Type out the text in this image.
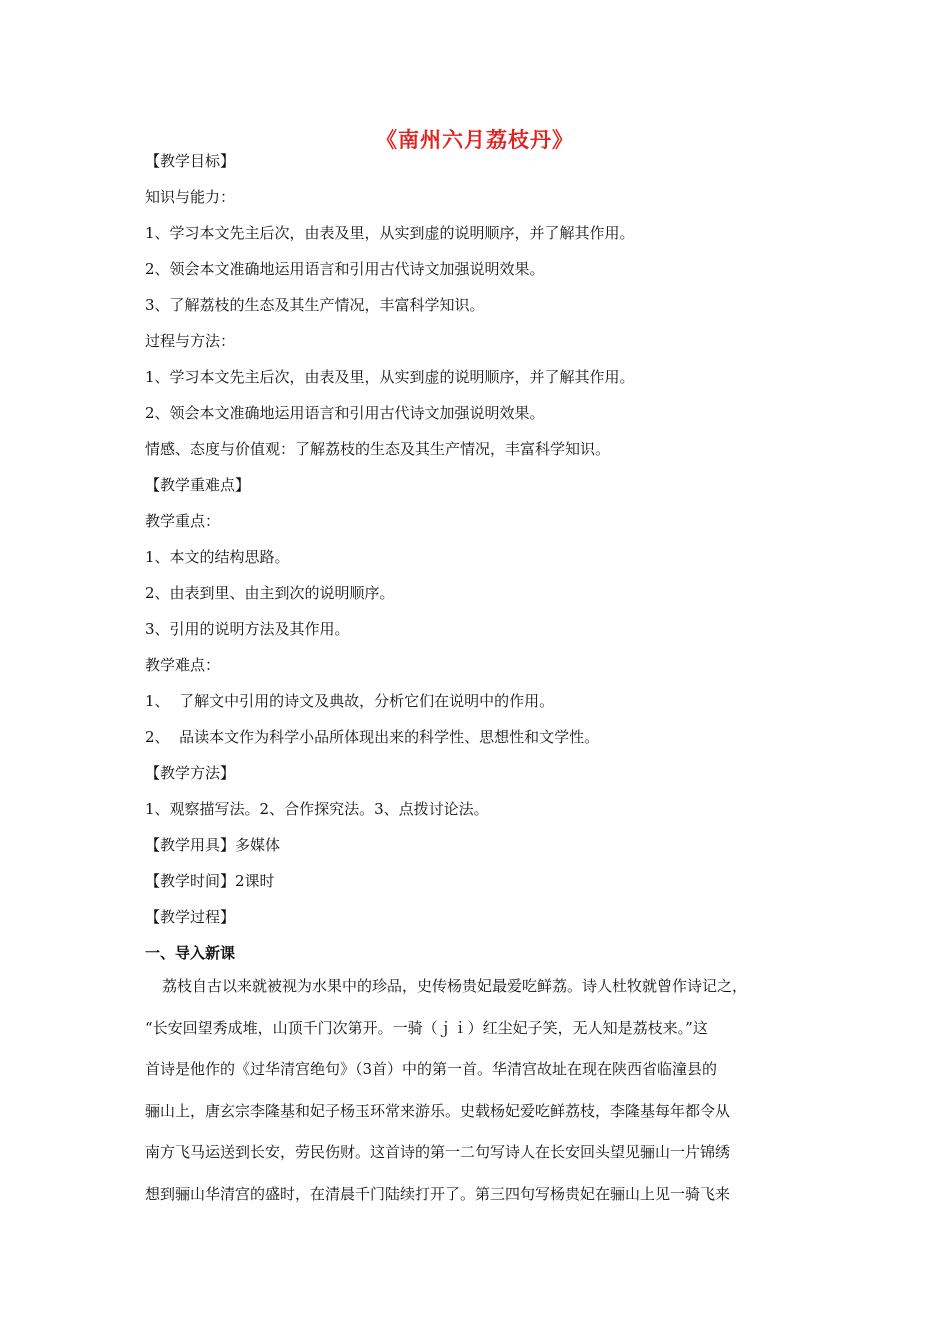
《南州六月荔枝丹》
【教学目标】
知识与能力：
1、学习本文先主后次，由表及里，从实到虚的说明顺序，并了解其作用。
2、领会本文准确地运用语言和引用古代诗文加强说明效果。
3、了解荔枝的生态及其生产情况，丰富科学知识。
过程与方法：
1、学习本文先主后次，由表及里，从实到虚的说明顺序，并了解其作用。
2、领会本文准确地运用语言和引用古代诗文加强说明效果。
情感、态度与价值观：了解荔枝的生态及其生产情况，丰富科学知识。
【教学重难点】
教学重点：
1、本文的结构思路。
2、由表到里、由主到次的说明顺序。
3、引用的说明方法及其作用。
教学难点：
1、  了解文中引用的诗文及典故，分析它们在说明中的作用。
2、  品读本文作为科学小品所体现出来的科学性、思想性和文学性。
【教学方法】
1、观察描写法。2、合作探究法。3、点拨讨论法。
【教学用具】多媒体
【教学时间】2课时
【教学过程】
一、导入新课
荔枝自古以来就被视为水果中的珍品，史传杨贵妃最爱吃鲜荔。诗人杜牧就曾作诗记之，
“长安回望秀成堆，山顶千门次第开。一骑（ｊｉ）红尘妃子笑，无人知是荔枝来。”这
首诗是他作的《过华清宫绝句》（3首）中的第一首。华清宫故址在现在陕西省临潼县的
骊山上，唐玄宗李隆基和妃子杨玉环常来游乐。史载杨妃爱吃鲜荔枝，李隆基每年都令从
南方飞马运送到长安，劳民伤财。这首诗的第一二句写诗人在长安回头望见骊山一片锦绣
想到骊山华清宫的盛时，在清晨千门陆续打开了。第三四句写杨贵妃在骊山上见一骑飞来
